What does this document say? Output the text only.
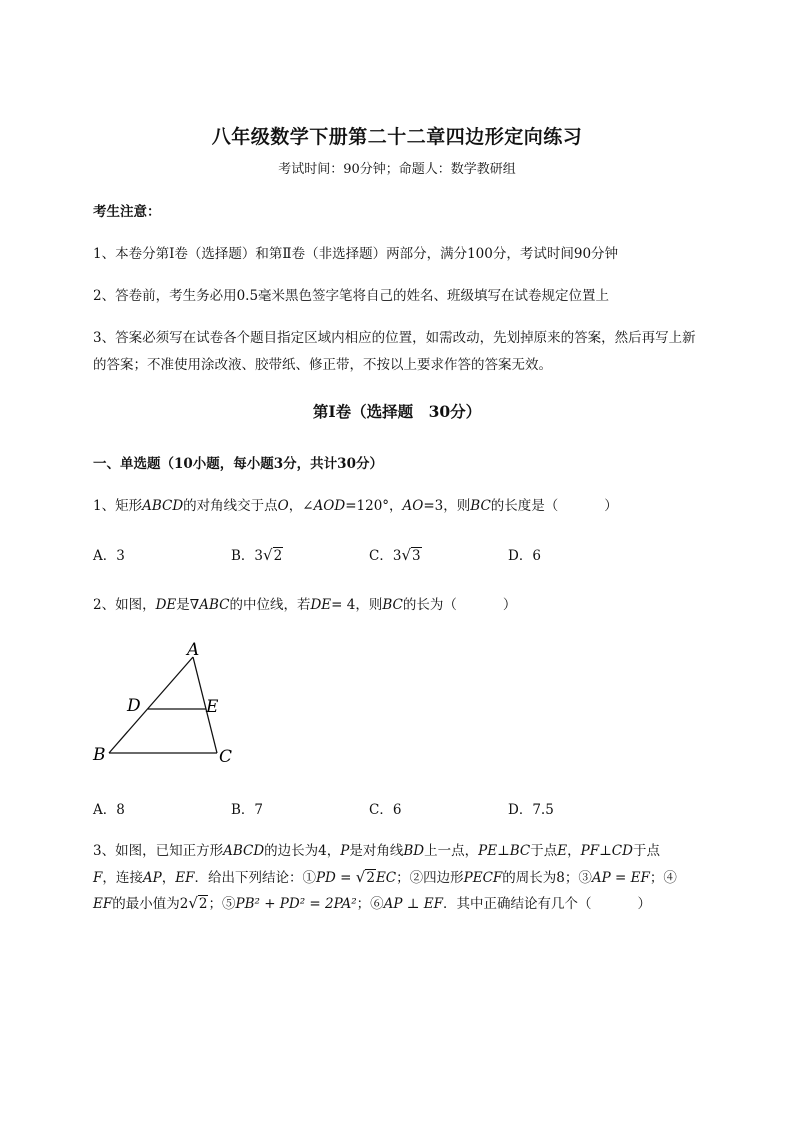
八年级数学下册第二十二章四边形定向练习
考试时间：90分钟；命题人：数学教研组
考生注意：
1、本卷分第I卷（选择题）和第Ⅱ卷（非选择题）两部分，满分100分，考试时间90分钟
2、答卷前，考生务必用0.5毫米黑色签字笔将自己的姓名、班级填写在试卷规定位置上
3、答案必须写在试卷各个题目指定区域内相应的位置，如需改动，先划掉原来的答案，然后再写上新
的答案；不准使用涂改液、胶带纸、修正带，不按以上要求作答的答案无效。
第I卷（选择题　30分）
一、单选题（10小题，每小题3分，共计30分）
1、矩形ABCD的对角线交于点O，∠AOD=120°，AO=3，则BC的长度是（	）
A．3	B．3√2	C．3√3	D．6
2、如图，DE是∇ABC的中位线，若DE= 4，则BC的长为（	）
A
B	C
D	E
A．8	B．7	C．6	D．7.5
3、如图，已知正方形ABCD的边长为4，P是对角线BD上一点，PE⊥BC于点E，PF⊥CD于点
F，连接AP，EF．给出下列结论：①PD = √2EC；②四边形PECF的周长为8；③AP = EF；④
EF的最小值为2√2；⑤PB² + PD² = 2PA²；⑥AP ⊥ EF．其中正确结论有几个（	）
